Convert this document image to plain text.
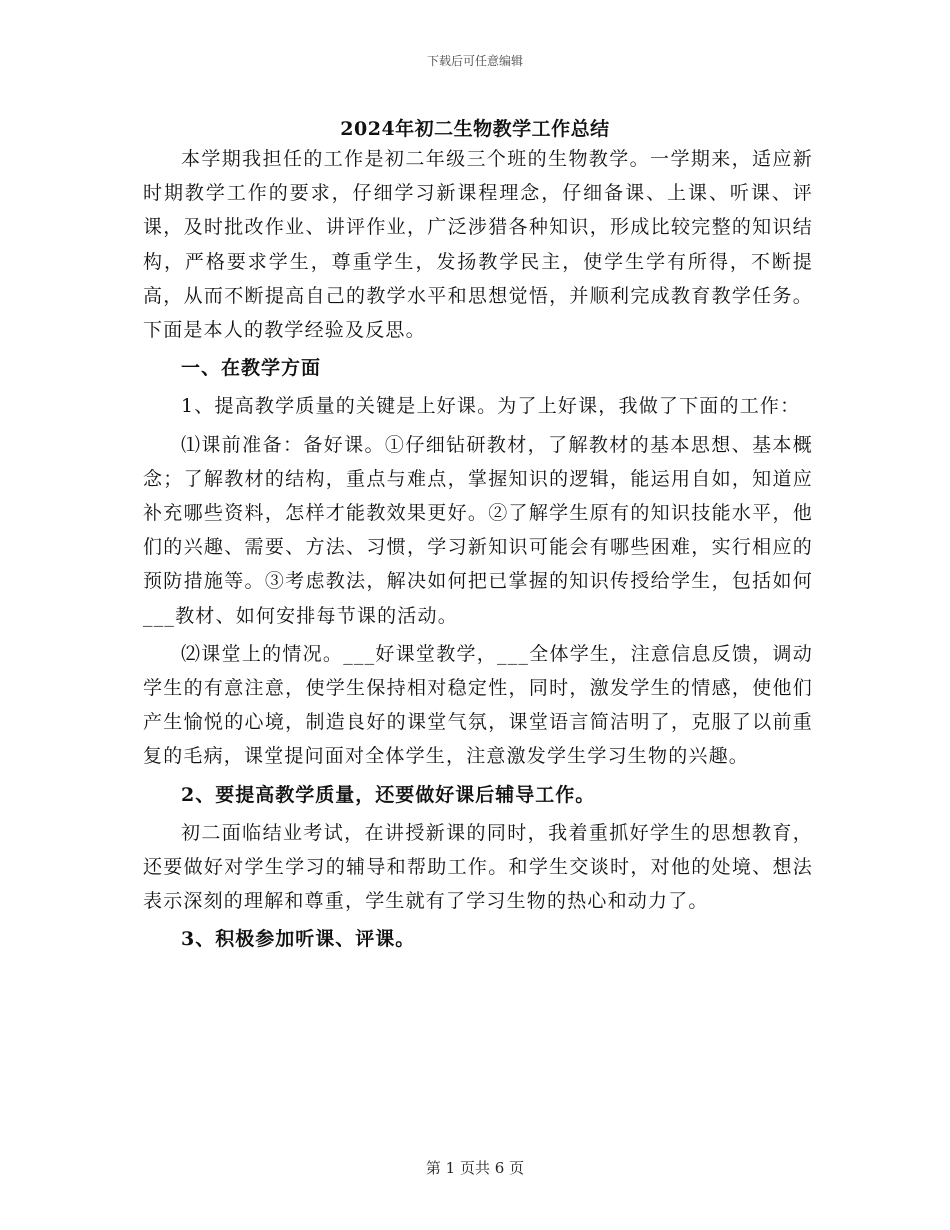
下载后可任意编辑
2024年初二生物教学工作总结

本学期我担任的工作是初二年级三个班的生物教学。一学期来，适应新时期教学工作的要求，仔细学习新课程理念，仔细备课、上课、听课、评课，及时批改作业、讲评作业，广泛涉猎各种知识，形成比较完整的知识结构，严格要求学生，尊重学生，发扬教学民主，使学生学有所得，不断提高，从而不断提高自己的教学水平和思想觉悟，并顺利完成教育教学任务。下面是本人的教学经验及反思。

一、在教学方面

1、提高教学质量的关键是上好课。为了上好课，我做了下面的工作：

⑴课前准备：备好课。①仔细钻研教材，了解教材的基本思想、基本概念；了解教材的结构，重点与难点，掌握知识的逻辑，能运用自如，知道应补充哪些资料，怎样才能教效果更好。②了解学生原有的知识技能水平，他们的兴趣、需要、方法、习惯，学习新知识可能会有哪些困难，实行相应的预防措施等。③考虑教法，解决如何把已掌握的知识传授给学生，包括如何___教材、如何安排每节课的活动。

⑵课堂上的情况。___好课堂教学，___全体学生，注意信息反馈，调动学生的有意注意，使学生保持相对稳定性，同时，激发学生的情感，使他们产生愉悦的心境，制造良好的课堂气氛，课堂语言简洁明了，克服了以前重复的毛病，课堂提问面对全体学生，注意激发学生学习生物的兴趣。

2、要提高教学质量，还要做好课后辅导工作。

初二面临结业考试，在讲授新课的同时，我着重抓好学生的思想教育，还要做好对学生学习的辅导和帮助工作。和学生交谈时，对他的处境、想法表示深刻的理解和尊重，学生就有了学习生物的热心和动力了。

3、积极参加听课、评课。

第 1 页共 6 页
